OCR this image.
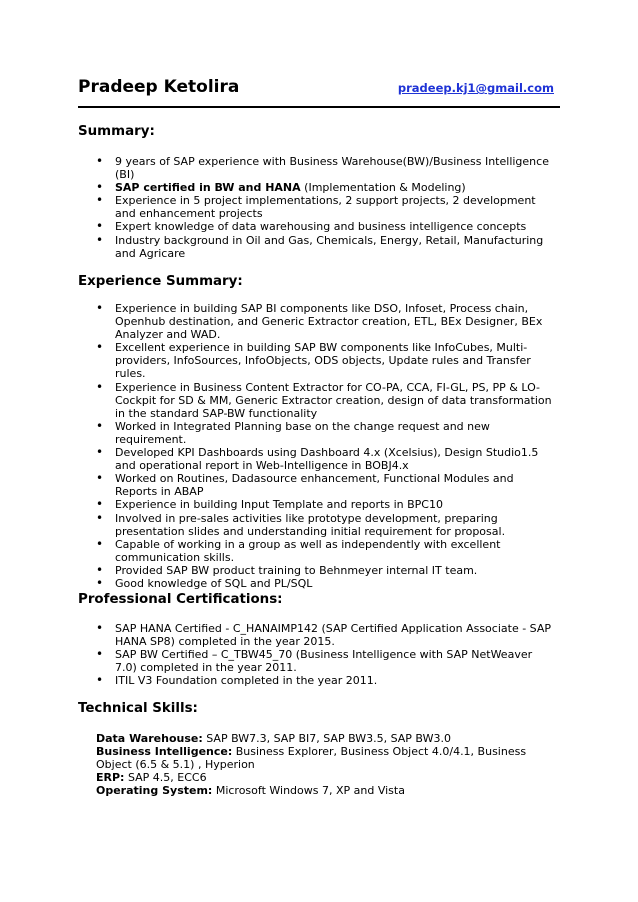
Pradeep Ketolira	pradeep.kj1@gmail.com
Summary:
• 9 years of SAP experience with Business Warehouse(BW)/Business Intelligence (BI)
• SAP certified in BW and HANA (Implementation & Modeling)
• Experience in 5 project implementations, 2 support projects, 2 development and enhancement projects
• Expert knowledge of data warehousing and business intelligence concepts
• Industry background in Oil and Gas, Chemicals, Energy, Retail, Manufacturing and Agricare
Experience Summary:
• Experience in building SAP BI components like DSO, Infoset, Process chain, Openhub destination, and Generic Extractor creation, ETL, BEx Designer, BEx Analyzer and WAD.
• Excellent experience in building SAP BW components like InfoCubes, Multi-providers, InfoSources, InfoObjects, ODS objects, Update rules and Transfer rules.
• Experience in Business Content Extractor for CO-PA, CCA, FI-GL, PS, PP & LO-Cockpit for SD & MM, Generic Extractor creation, design of data transformation in the standard SAP-BW functionality
• Worked in Integrated Planning base on the change request and new requirement.
• Developed KPI Dashboards using Dashboard 4.x (Xcelsius), Design Studio1.5 and operational report in Web-Intelligence in BOBJ4.x
• Worked on Routines, Dadasource enhancement, Functional Modules and Reports in ABAP
• Experience in building Input Template and reports in BPC10
• Involved in pre-sales activities like prototype development, preparing presentation slides and understanding initial requirement for proposal.
• Capable of working in a group as well as independently with excellent communication skills.
• Provided SAP BW product training to Behnmeyer internal IT team.
• Good knowledge of SQL and PL/SQL
Professional Certifications:
• SAP HANA Certified - C_HANAIMP142 (SAP Certified Application Associate - SAP HANA SP8) completed in the year 2015.
• SAP BW Certified – C_TBW45_70 (Business Intelligence with SAP NetWeaver 7.0) completed in the year 2011.
• ITIL V3 Foundation completed in the year 2011.
Technical Skills:

Data Warehouse: SAP BW7.3, SAP BI7, SAP BW3.5, SAP BW3.0

Business Intelligence: Business Explorer, Business Object 4.0/4.1, Business Object (6.5 & 5.1) , Hyperion

ERP: SAP 4.5, ECC6

Operating System: Microsoft Windows 7, XP and Vista
